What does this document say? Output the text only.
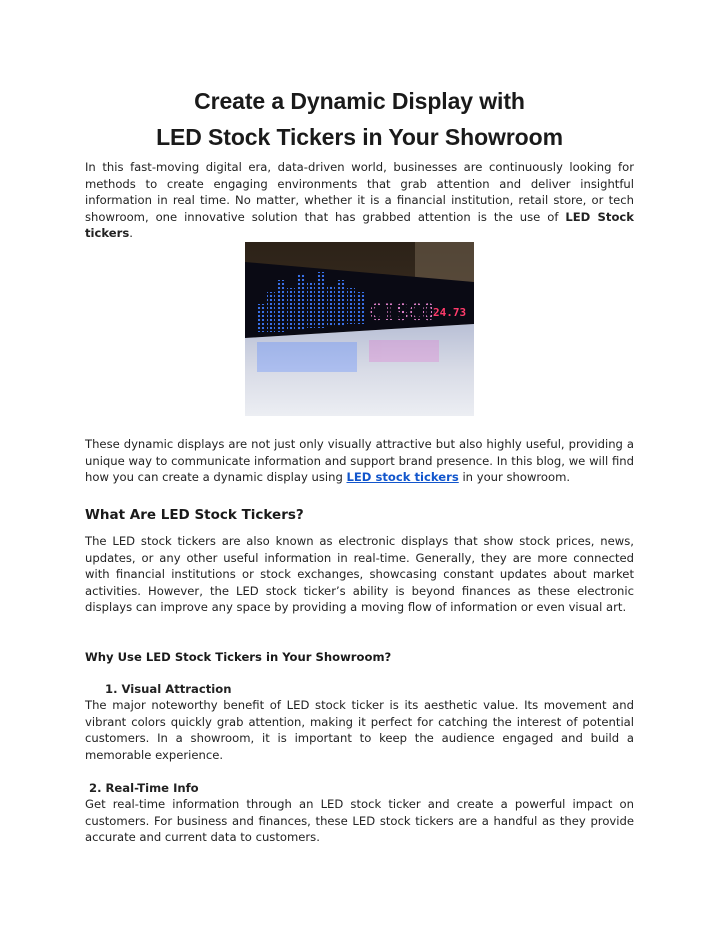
Create a Dynamic Display with
LED Stock Tickers in Your Showroom

In this fast-moving digital era, data-driven world, businesses are continuously looking for methods to create engaging environments that grab attention and deliver insightful information in real time. No matter, whether it is a financial institution, retail store, or tech showroom, one innovative solution that has grabbed attention is the use of LED Stock tickers.

CISCO
24.73

These dynamic displays are not just only visually attractive but also highly useful, providing a unique way to communicate information and support brand presence. In this blog, we will find how you can create a dynamic display using LED stock tickers in your showroom.

What Are LED Stock Tickers?

The LED stock tickers are also known as electronic displays that show stock prices, news, updates, or any other useful information in real-time. Generally, they are more connected with financial institutions or stock exchanges, showcasing constant updates about market activities. However, the LED stock ticker’s ability is beyond finances as these electronic displays can improve any space by providing a moving flow of information or even visual art.

Why Use LED Stock Tickers in Your Showroom?
1. Visual Attraction

The major noteworthy benefit of LED stock ticker is its aesthetic value. Its movement and vibrant colors quickly grab attention, making it perfect for catching the interest of potential customers. In a showroom, it is important to keep the audience engaged and build a memorable experience.

2. Real-Time Info

Get real-time information through an LED stock ticker and create a powerful impact on customers. For business and finances, these LED stock tickers are a handful as they provide accurate and current data to customers.
